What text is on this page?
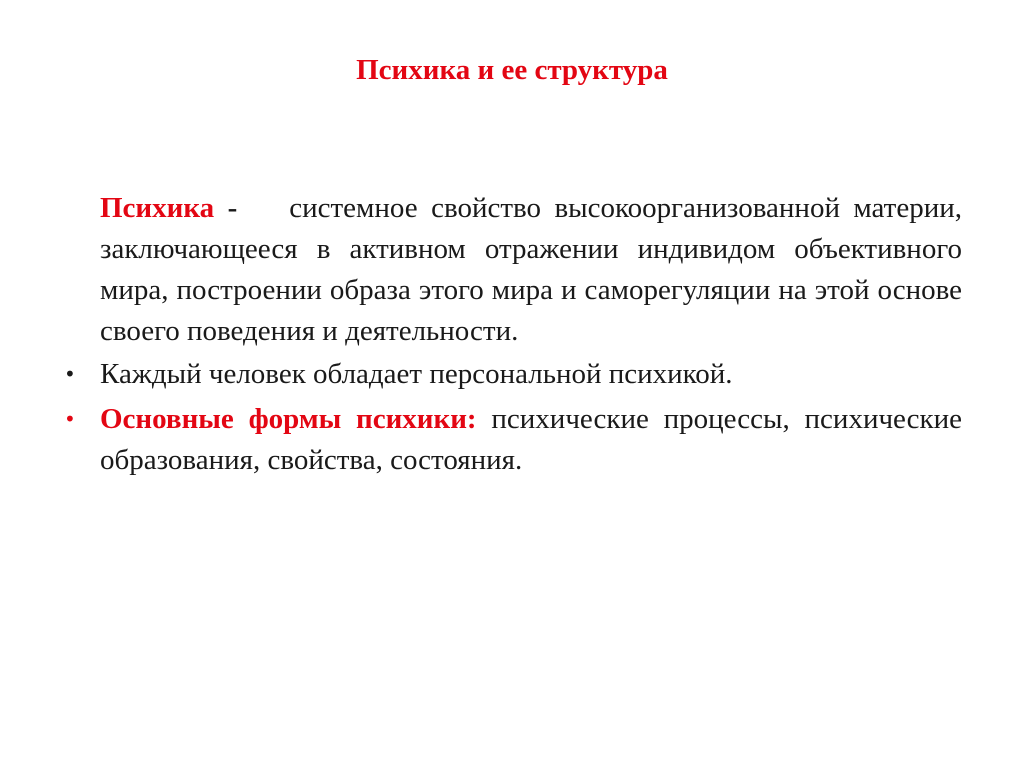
Психика и ее структура

Психика - системное свойство высокоорганизованной материи, заключающееся в активном отражении индивидом объективного мира, построении образа этого мира и саморегуляции на этой основе своего поведения и деятельности.

• Каждый человек обладает персональной психикой.

• Основные формы психики: психические процессы, психические образования, свойства, состояния.
